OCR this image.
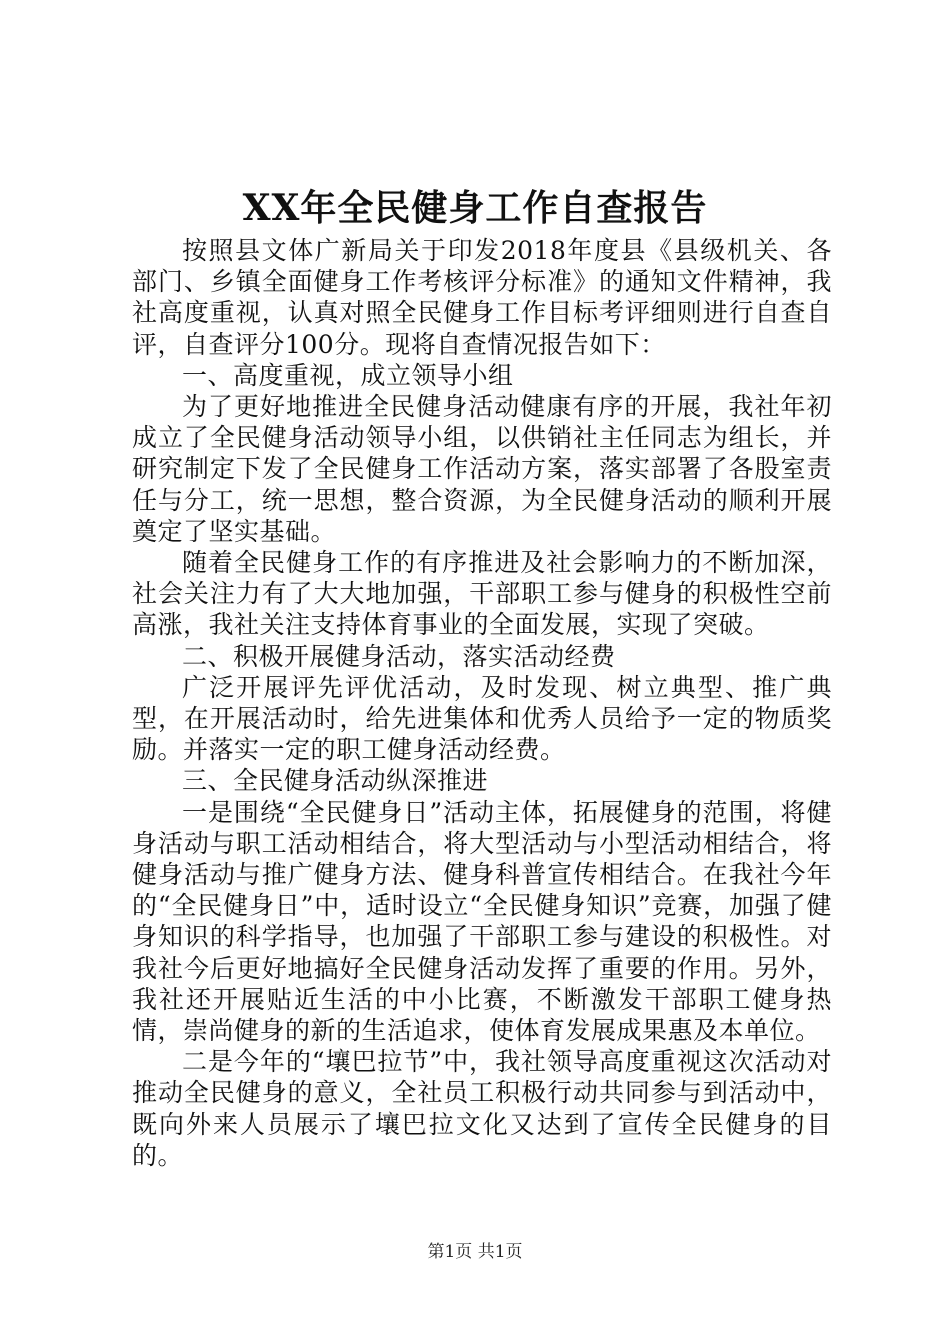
XX年全民健身工作自查报告

按照县文体广新局关于印发2018年度县《县级机关、各部门、乡镇全面健身工作考核评分标准》的通知文件精神，我社高度重视，认真对照全民健身工作目标考评细则进行自查自评，自查评分100分。现将自查情况报告如下：

一、高度重视，成立领导小组

为了更好地推进全民健身活动健康有序的开展，我社年初成立了全民健身活动领导小组，以供销社主任同志为组长，并研究制定下发了全民健身工作活动方案，落实部署了各股室责任与分工，统一思想，整合资源，为全民健身活动的顺利开展奠定了坚实基础。

随着全民健身工作的有序推进及社会影响力的不断加深，社会关注力有了大大地加强，干部职工参与健身的积极性空前高涨，我社关注支持体育事业的全面发展，实现了突破。

二、积极开展健身活动，落实活动经费

广泛开展评先评优活动，及时发现、树立典型、推广典型，在开展活动时，给先进集体和优秀人员给予一定的物质奖励。并落实一定的职工健身活动经费。

三、全民健身活动纵深推进

一是围绕“全民健身日”活动主体，拓展健身的范围，将健身活动与职工活动相结合，将大型活动与小型活动相结合，将健身活动与推广健身方法、健身科普宣传相结合。在我社今年的“全民健身日”中，适时设立“全民健身知识”竞赛，加强了健身知识的科学指导，也加强了干部职工参与建设的积极性。对我社今后更好地搞好全民健身活动发挥了重要的作用。另外，我社还开展贴近生活的中小比赛，不断激发干部职工健身热情，崇尚健身的新的生活追求，使体育发展成果惠及本单位。

二是今年的“壤巴拉节”中，我社领导高度重视这次活动对推动全民健身的意义，全社员工积极行动共同参与到活动中，既向外来人员展示了壤巴拉文化又达到了宣传全民健身的目的。

第1页 共1页
